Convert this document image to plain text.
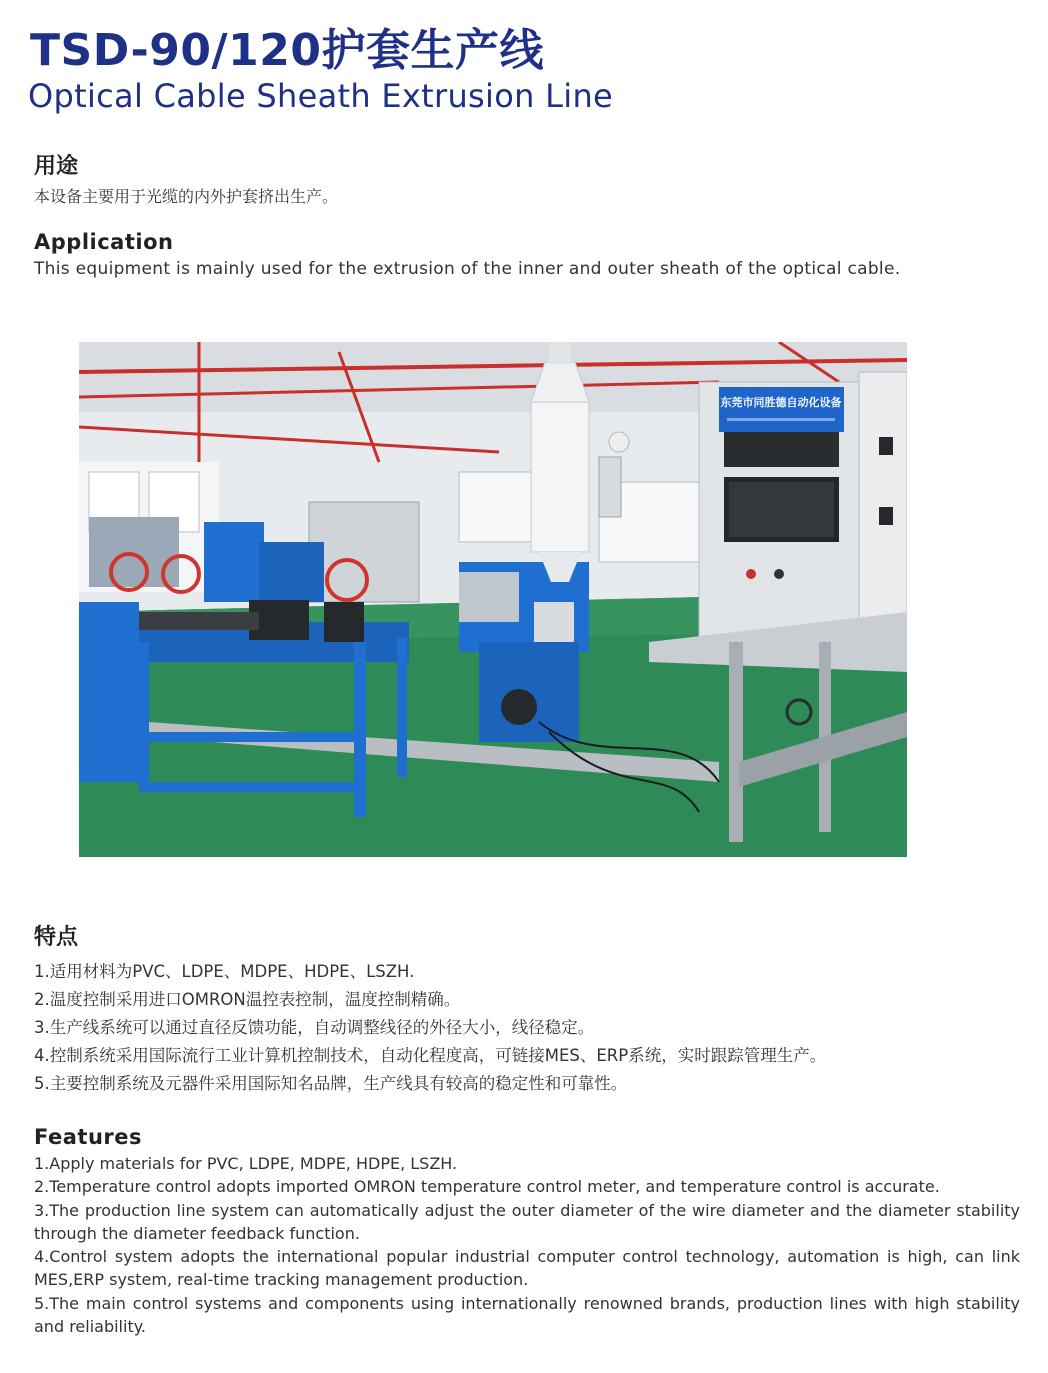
TSD-90/120护套生产线
Optical Cable Sheath Extrusion Line
用途

本设备主要用于光缆的内外护套挤出生产。

Application

This equipment is mainly used for the extrusion of the inner and outer sheath of the optical cable.

东莞市同胜德自动化设备
特点
1.适用材料为PVC、LDPE、MDPE、HDPE、LSZH.
2.温度控制采用进口OMRON温控表控制，温度控制精确。
3.生产线系统可以通过直径反馈功能，自动调整线径的外径大小，线径稳定。
4.控制系统采用国际流行工业计算机控制技术，自动化程度高，可链接MES、ERP系统，实时跟踪管理生产。
5.主要控制系统及元器件采用国际知名品牌，生产线具有较高的稳定性和可靠性。
Features
1.Apply materials for PVC, LDPE, MDPE, HDPE, LSZH.
2.Temperature control adopts imported OMRON temperature control meter, and temperature control is accurate.
3.The production line system can automatically adjust the outer diameter of the wire diameter and the diameter stability through the diameter feedback function.
4.Control system adopts the international popular industrial computer control technology, automation is high, can link MES,ERP system, real-time tracking management production.
5.The main control systems and components using internationally renowned brands, production lines with high stability and reliability.
